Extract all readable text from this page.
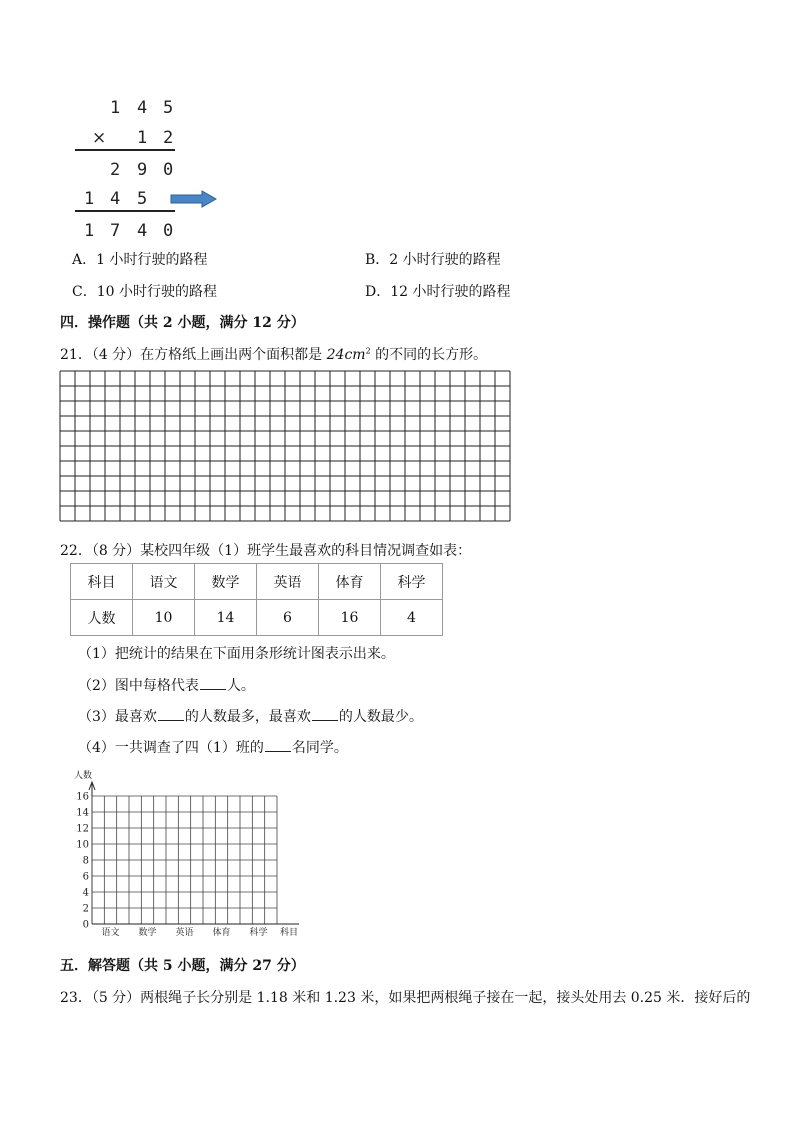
1 4 5
× 1 2
2 9 0
1 4 5
1 7 4 0
A．1 小时行驶的路程	B．2 小时行驶的路程
C．10 小时行驶的路程	D．12 小时行驶的路程
四．操作题（共 2 小题，满分 12 分）
21．（4 分）在方格纸上画出两个面积都是 $24cm^2$ 的不同的长方形。
22．（8 分）某校四年级（1）班学生最喜欢的科目情况调查如表：
科目	语文	数学	英语	体育	科学
人数	10	14	6	16	4
（1）把统计的结果在下面用条形统计图表示出来。
（2）图中每格代表 人。
（3）最喜欢 的人数最多，最喜欢 的人数最少。
（4）一共调查了四（1）班的 名同学。
人数
0
2
4
6
8
10
12
14
16
语文 数学 英语 体育 科学 科目
五．解答题（共 5 小题，满分 27 分）
23．（5 分）两根绳子长分别是 1.18 米和 1.23 米，如果把两根绳子接在一起，接头处用去 0.25 米．接好后的
